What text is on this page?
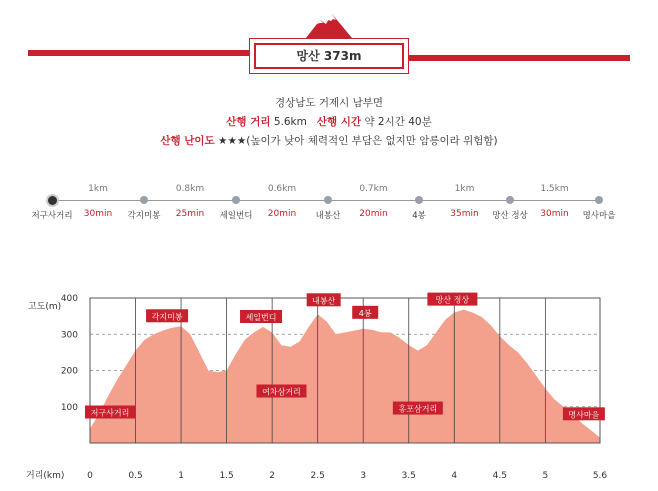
망산 373m
경상남도 거제시 남부면
산행 거리 5.6km 산행 시간 약 2시간 40분
산행 난이도 ★★★(높이가 낮아 체력적인 부담은 없지만 암릉이라 위험함)
저구사거리	각지미봉	세일번디	내봉산	4봉	망산 정상	명사마을
1km
30min
0.8km
25min
0.6km
20min
0.7km
20min
1km
35min
1.5km
30min
0	0.5	1	1.5	2	2.5	3	3.5	4	4.5	5	5.6
100
200
300
400
고도(m)
거리(km)
저구사거리
각지미봉	세일번디
여차삼거리
내봉산
4봉
홍포삼거리
망산 정상
명사마을
